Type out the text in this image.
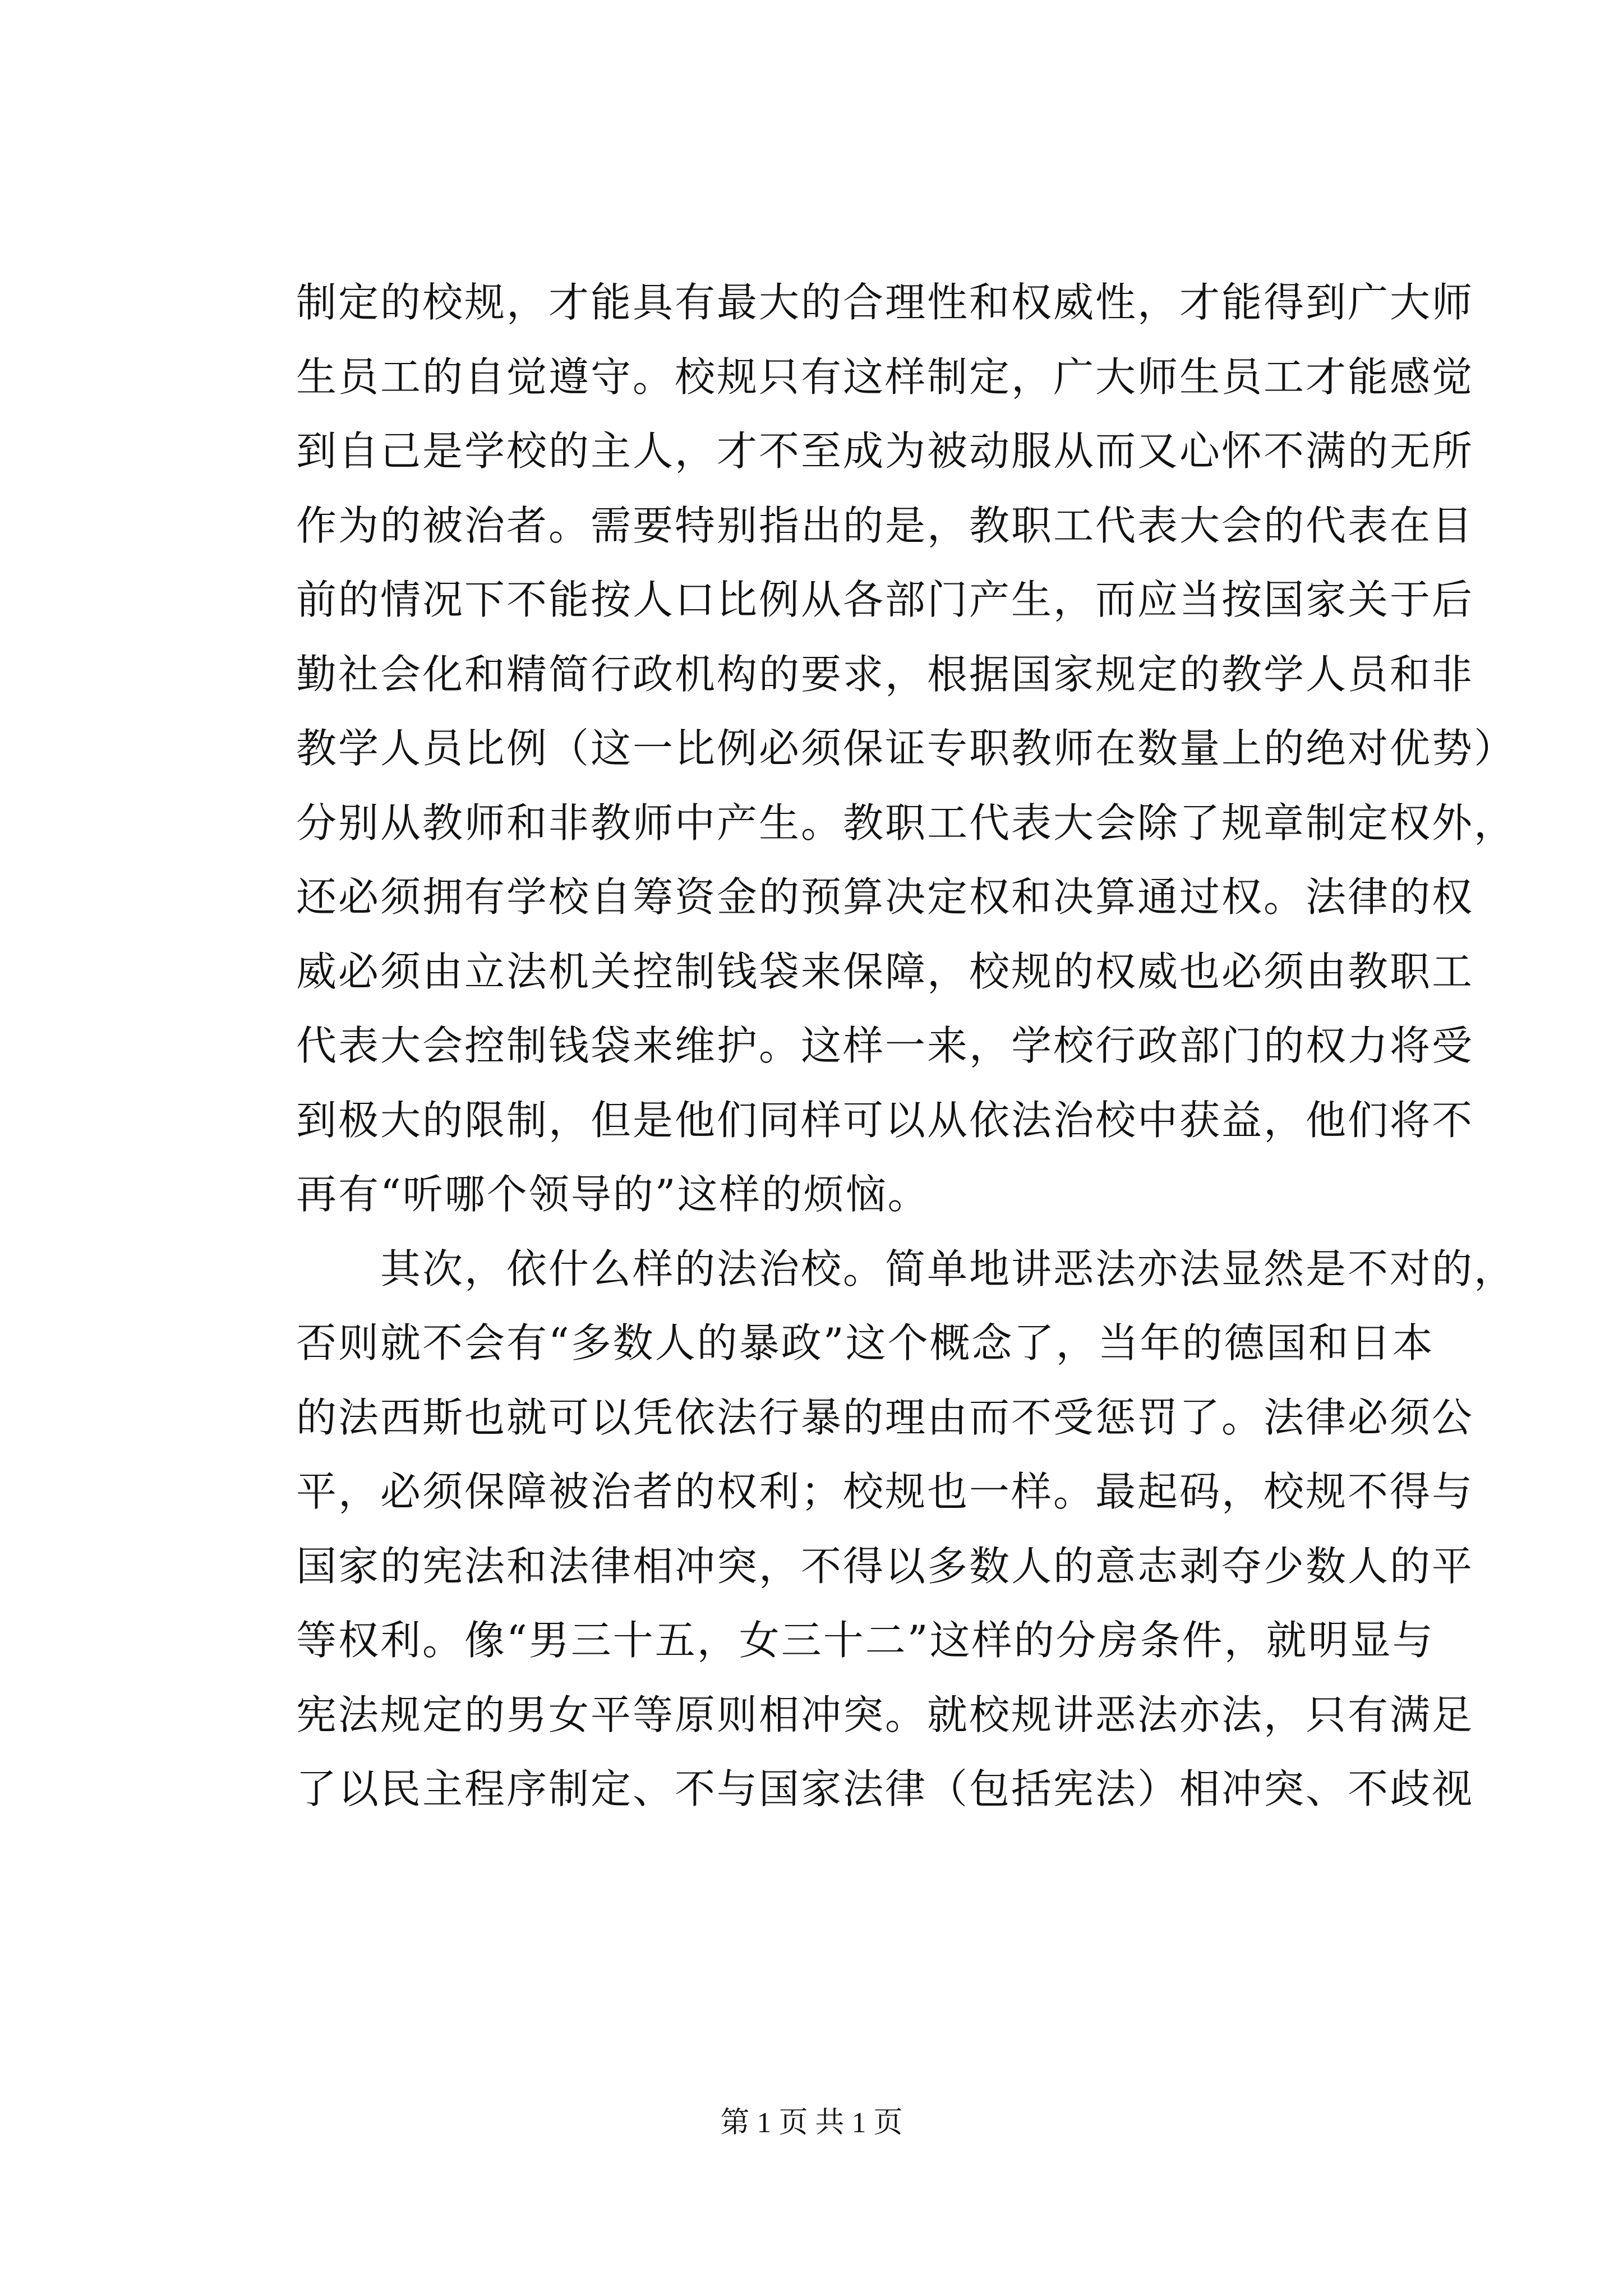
制定的校规，才能具有最大的合理性和权威性，才能得到广大师
生员工的自觉遵守。校规只有这样制定，广大师生员工才能感觉
到自己是学校的主人，才不至成为被动服从而又心怀不满的无所
作为的被治者。需要特别指出的是，教职工代表大会的代表在目
前的情况下不能按人口比例从各部门产生，而应当按国家关于后
勤社会化和精简行政机构的要求，根据国家规定的教学人员和非
教学人员比例（这一比例必须保证专职教师在数量上的绝对优势）
分别从教师和非教师中产生。教职工代表大会除了规章制定权外，
还必须拥有学校自筹资金的预算决定权和决算通过权。法律的权
威必须由立法机关控制钱袋来保障，校规的权威也必须由教职工
代表大会控制钱袋来维护。这样一来，学校行政部门的权力将受
到极大的限制，但是他们同样可以从依法治校中获益，他们将不
再有“听哪个领导的”这样的烦恼。
　　其次，依什么样的法治校。简单地讲恶法亦法显然是不对的，
否则就不会有“多数人的暴政”这个概念了，当年的德国和日本
的法西斯也就可以凭依法行暴的理由而不受惩罚了。法律必须公
平，必须保障被治者的权利；校规也一样。最起码，校规不得与
国家的宪法和法律相冲突，不得以多数人的意志剥夺少数人的平
等权利。像“男三十五，女三十二”这样的分房条件，就明显与
宪法规定的男女平等原则相冲突。就校规讲恶法亦法，只有满足
了以民主程序制定、不与国家法律（包括宪法）相冲突、不歧视
第 1 页 共 1 页
